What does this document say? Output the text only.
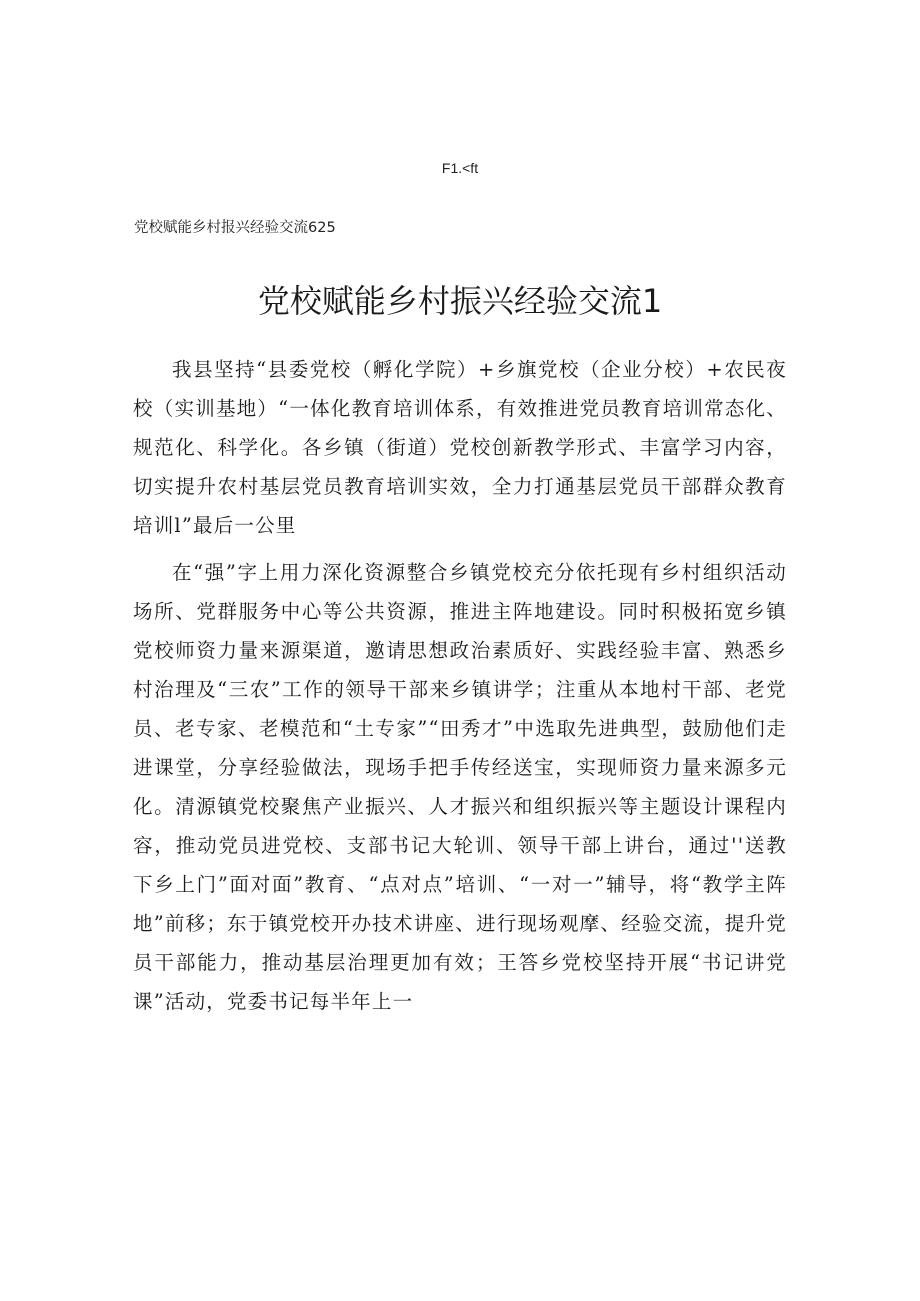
F1.<ft
党校赋能乡村报兴经验交流625
党校赋能乡村振兴经验交流1

我县坚持“县委党校（孵化学院）+乡旗党校（企业分校）+农民夜校（实训基地）“一体化教育培训体系，有效推进党员教育培训常态化、规范化、科学化。各乡镇（街道）党校创新教学形式、丰富学习内容，切实提升农村基层党员教育培训实效，全力打通基层党员干部群众教育培训l”最后一公里

在“强”字上用力深化资源整合乡镇党校充分依托现有乡村组织活动场所、党群服务中心等公共资源，推进主阵地建设。同时积极拓宽乡镇党校师资力量来源渠道，邀请思想政治素质好、实践经验丰富、熟悉乡村治理及“三农”工作的领导干部来乡镇讲学；注重从本地村干部、老党员、老专家、老模范和“土专家”“田秀才”中选取先进典型，鼓励他们走进课堂，分享经验做法，现场手把手传经送宝，实现师资力量来源多元化。清源镇党校聚焦产业振兴、人才振兴和组织振兴等主题设计课程内容，推动党员进党校、支部书记大轮训、领导干部上讲台，通过''送教下乡上门”面对面”教育、“点对点”培训、“一对一”辅导，将“教学主阵地”前移；东于镇党校开办技术讲座、进行现场观摩、经验交流，提升党员干部能力，推动基层治理更加有效；王答乡党校坚持开展“书记讲党课”活动，党委书记每半年上一
